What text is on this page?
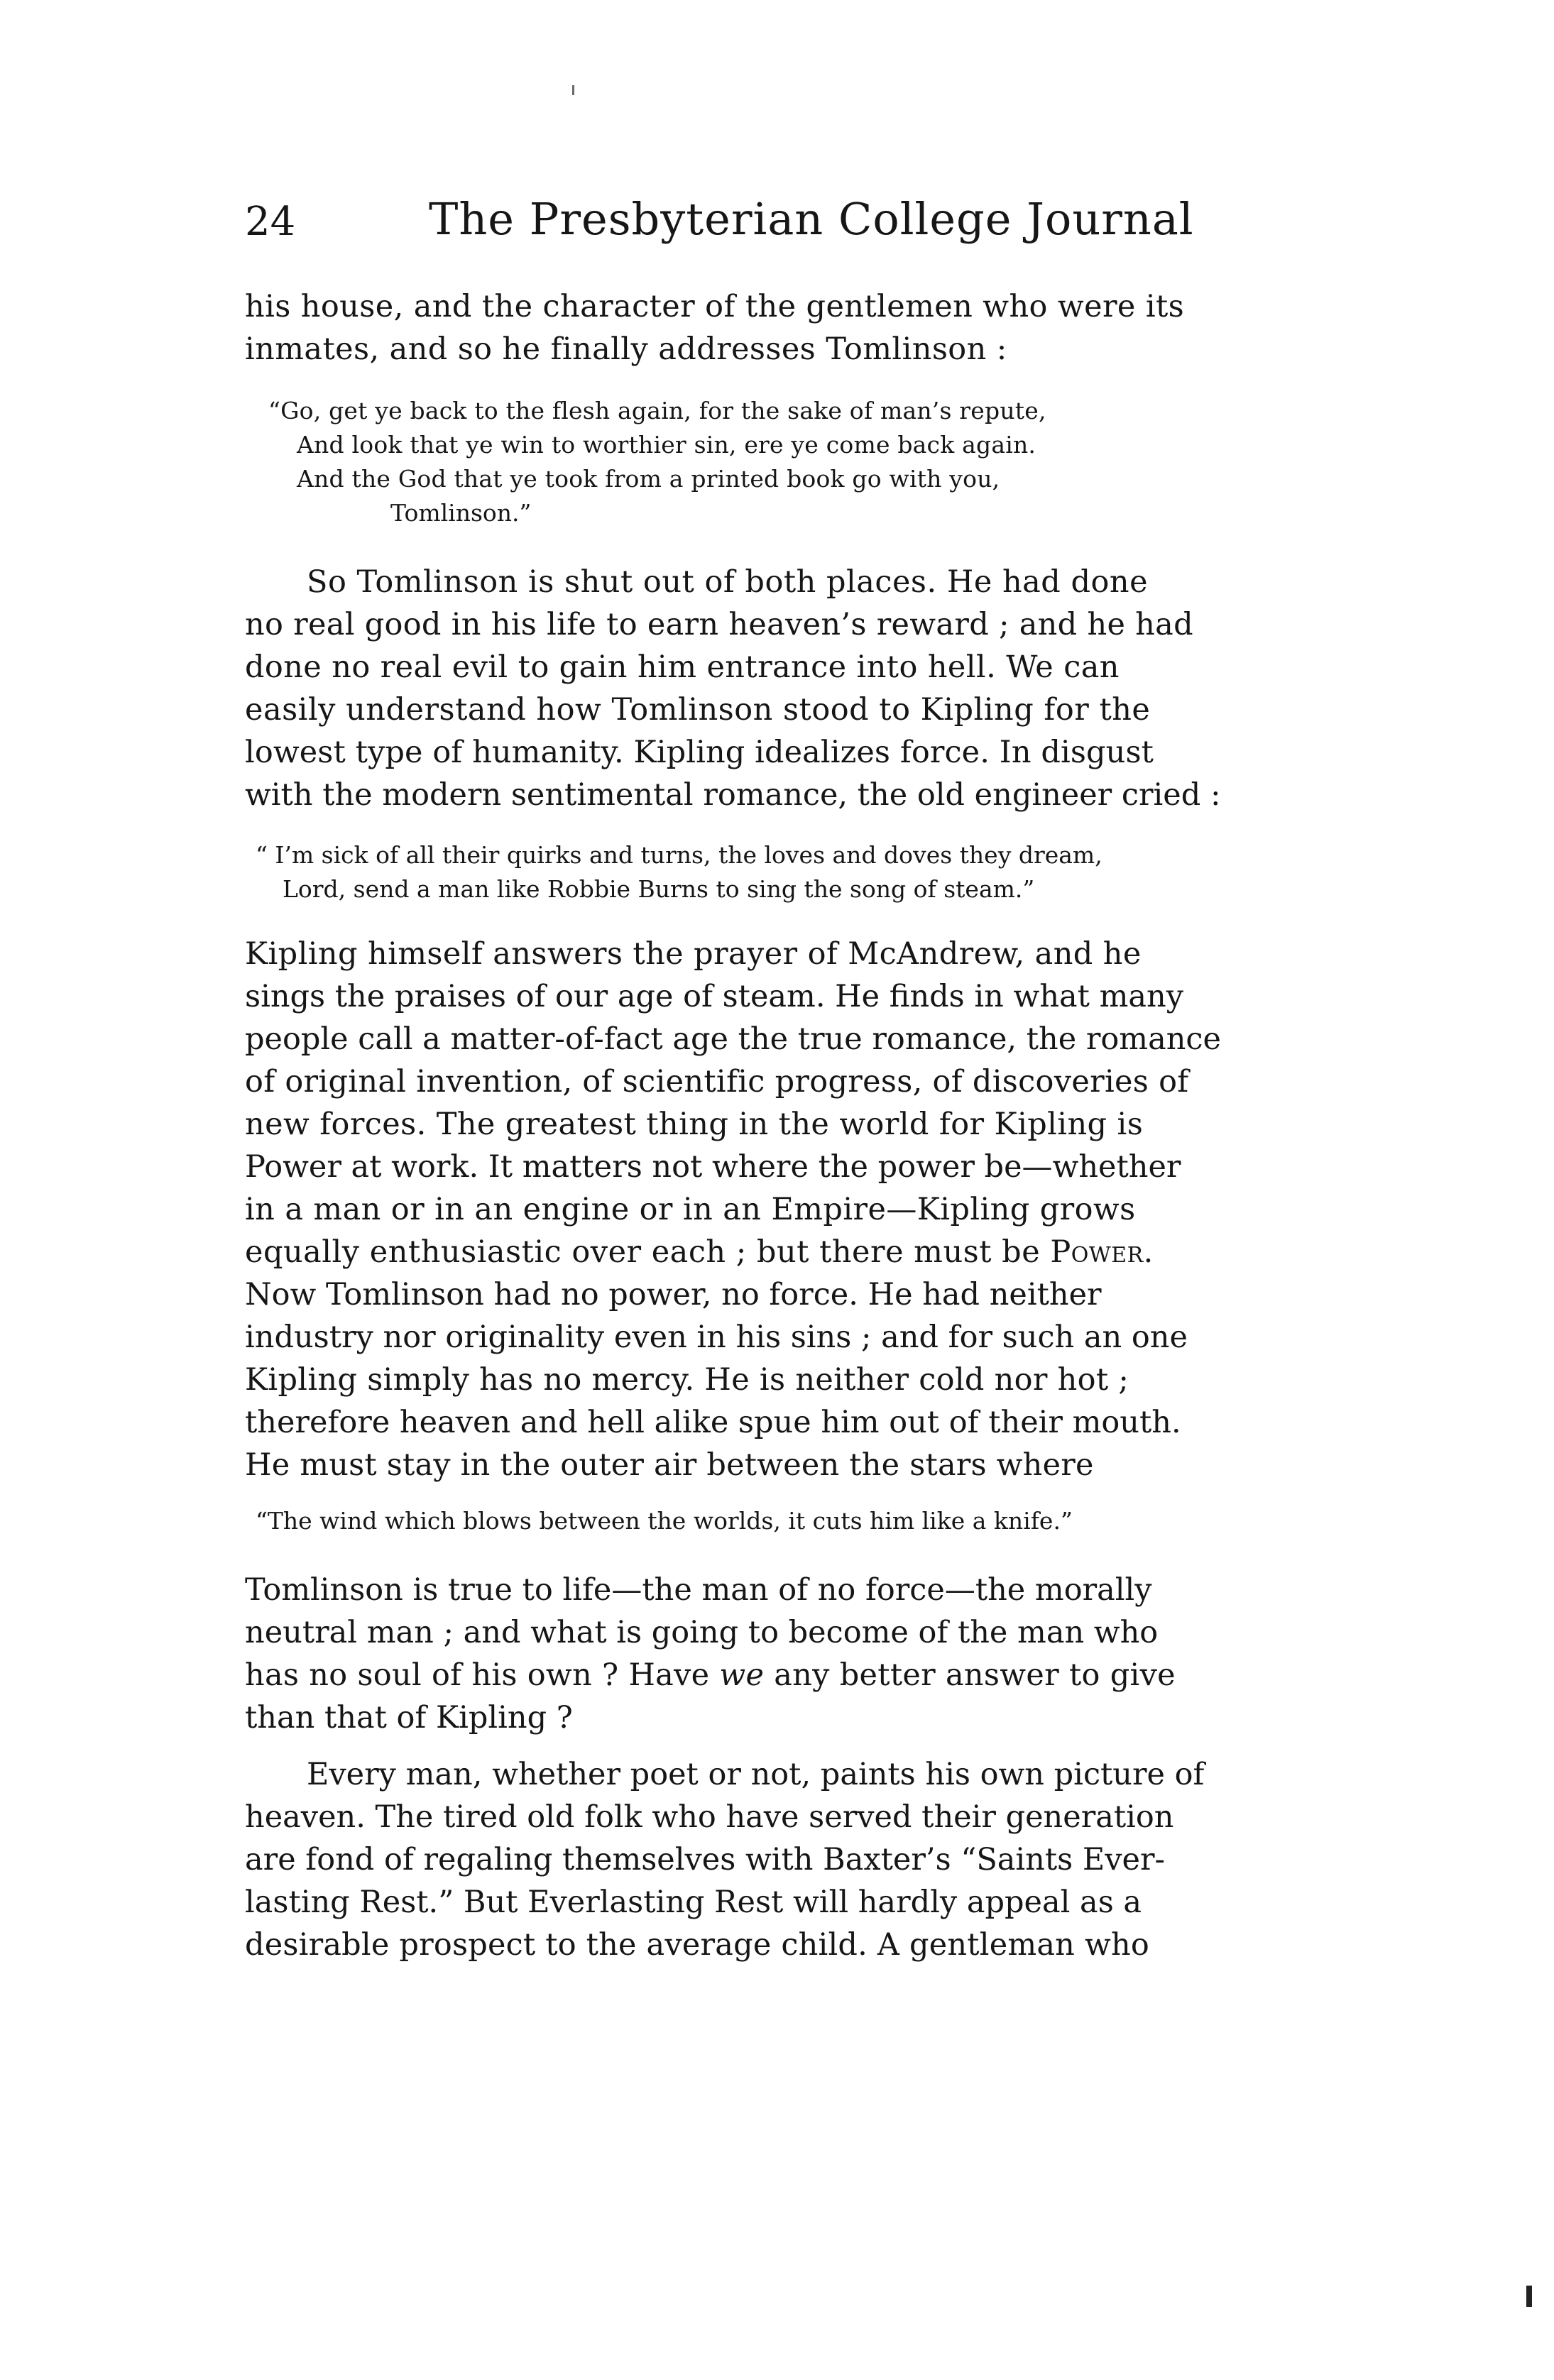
24	The Presbyterian College Journal
his house, and the character of the gentlemen who were its
inmates, and so he finally addresses Tomlinson :
“Go, get ye back to the flesh again, for the sake of man’s repute,
And look that ye win to worthier sin, ere ye come back again.
And the God that ye took from a printed book go with you,
Tomlinson.”
So Tomlinson is shut out of both places. He had done
no real good in his life to earn heaven’s reward ; and he had
done no real evil to gain him entrance into hell. We can
easily understand how Tomlinson stood to Kipling for the
lowest type of humanity. Kipling idealizes force. In disgust
with the modern sentimental romance, the old engineer cried :
“ I’m sick of all their quirks and turns, the loves and doves they dream,
Lord, send a man like Robbie Burns to sing the song of steam.”
Kipling himself answers the prayer of McAndrew, and he
sings the praises of our age of steam. He finds in what many
people call a matter-of-fact age the true romance, the romance
of original invention, of scientific progress, of discoveries of
new forces. The greatest thing in the world for Kipling is
Power at work. It matters not where the power be—whether
in a man or in an engine or in an Empire—Kipling grows
equally enthusiastic over each ; but there must be Power.
Now Tomlinson had no power, no force. He had neither
industry nor originality even in his sins ; and for such an one
Kipling simply has no mercy. He is neither cold nor hot ;
therefore heaven and hell alike spue him out of their mouth.
He must stay in the outer air between the stars where
“The wind which blows between the worlds, it cuts him like a knife.”
Tomlinson is true to life—the man of no force—the morally
neutral man ; and what is going to become of the man who
has no soul of his own ? Have we any better answer to give
than that of Kipling ?
Every man, whether poet or not, paints his own picture of
heaven. The tired old folk who have served their generation
are fond of regaling themselves with Baxter’s “Saints Ever-
lasting Rest.” But Everlasting Rest will hardly appeal as a
desirable prospect to the average child. A gentleman who
